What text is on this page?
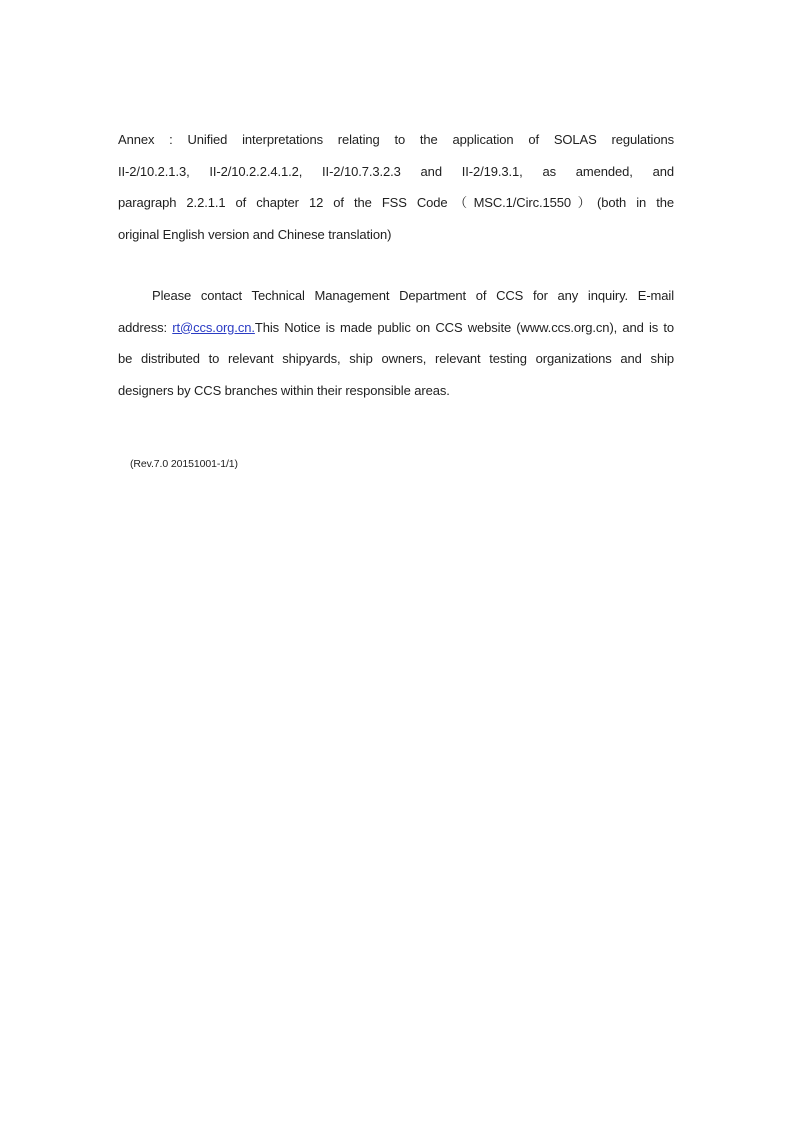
Annex : Unified interpretations relating to the application of SOLAS regulations
II-2/10.2.1.3, II-2/10.2.2.4.1.2, II-2/10.7.3.2.3 and II-2/19.3.1, as amended, and
paragraph 2.2.1.1 of chapter 12 of the FSS Code（MSC.1/Circ.1550）(both in the
original English version and Chinese translation)
Please contact Technical Management Department of CCS for any inquiry. E-mail
address: rt@ccs.org.cn.This Notice is made public on CCS website (www.ccs.org.cn), and is to
be distributed to relevant shipyards, ship owners, relevant testing organizations and ship
designers by CCS branches within their responsible areas.
(Rev.7.0 20151001-1/1)
